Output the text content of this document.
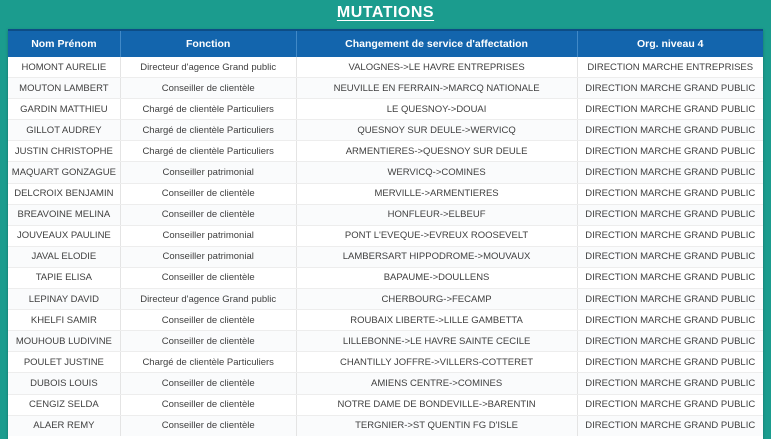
MUTATIONS
Nom Prénom	Fonction	Changement de service d'affectation	Org. niveau 4
HOMONT AURELIE	Directeur d'agence Grand public	VALOGNES->LE HAVRE ENTREPRISES	DIRECTION MARCHE ENTREPRISES
MOUTON LAMBERT	Conseiller de clientèle	NEUVILLE EN FERRAIN->MARCQ NATIONALE	DIRECTION MARCHE GRAND PUBLIC
GARDIN MATTHIEU	Chargé de clientèle Particuliers	LE QUESNOY->DOUAI	DIRECTION MARCHE GRAND PUBLIC
GILLOT AUDREY	Chargé de clientèle Particuliers	QUESNOY SUR DEULE->WERVICQ	DIRECTION MARCHE GRAND PUBLIC
JUSTIN CHRISTOPHE	Chargé de clientèle Particuliers	ARMENTIERES->QUESNOY SUR DEULE	DIRECTION MARCHE GRAND PUBLIC
MAQUART GONZAGUE	Conseiller patrimonial	WERVICQ->COMINES	DIRECTION MARCHE GRAND PUBLIC
DELCROIX BENJAMIN	Conseiller de clientèle	MERVILLE->ARMENTIERES	DIRECTION MARCHE GRAND PUBLIC
BREAVOINE MELINA	Conseiller de clientèle	HONFLEUR->ELBEUF	DIRECTION MARCHE GRAND PUBLIC
JOUVEAUX PAULINE	Conseiller patrimonial	PONT L'EVEQUE->EVREUX ROOSEVELT	DIRECTION MARCHE GRAND PUBLIC
JAVAL ELODIE	Conseiller patrimonial	LAMBERSART HIPPODROME->MOUVAUX	DIRECTION MARCHE GRAND PUBLIC
TAPIE ELISA	Conseiller de clientèle	BAPAUME->DOULLENS	DIRECTION MARCHE GRAND PUBLIC
LEPINAY DAVID	Directeur d'agence Grand public	CHERBOURG->FECAMP	DIRECTION MARCHE GRAND PUBLIC
KHELFI SAMIR	Conseiller de clientèle	ROUBAIX LIBERTE->LILLE GAMBETTA	DIRECTION MARCHE GRAND PUBLIC
MOUHOUB LUDIVINE	Conseiller de clientèle	LILLEBONNE->LE HAVRE SAINTE CECILE	DIRECTION MARCHE GRAND PUBLIC
POULET JUSTINE	Chargé de clientèle Particuliers	CHANTILLY JOFFRE->VILLERS-COTTERET	DIRECTION MARCHE GRAND PUBLIC
DUBOIS LOUIS	Conseiller de clientèle	AMIENS CENTRE->COMINES	DIRECTION MARCHE GRAND PUBLIC
CENGIZ SELDA	Conseiller de clientèle	NOTRE DAME DE BONDEVILLE->BARENTIN	DIRECTION MARCHE GRAND PUBLIC
ALAER REMY	Conseiller de clientèle	TERGNIER->ST QUENTIN FG D'ISLE	DIRECTION MARCHE GRAND PUBLIC
